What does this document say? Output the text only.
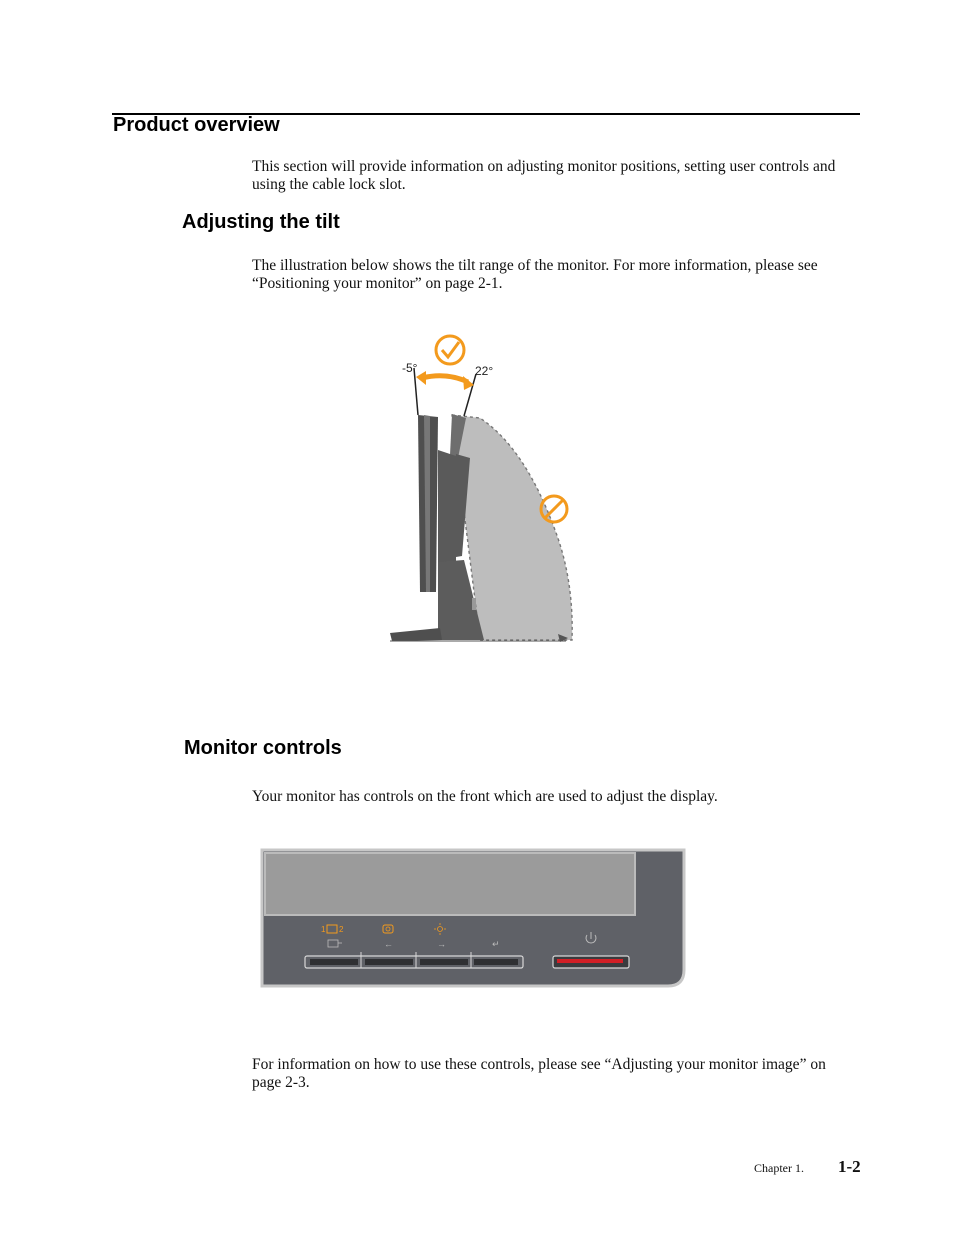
Product overview

This section will provide information on adjusting monitor positions, setting user controls and using the cable lock slot.

Adjusting the tilt

The illustration below shows the tilt range of the monitor. For more information, please see “Positioning your monitor” on page 2-1.

-5°	22°
Monitor controls

Your monitor has controls on the front which are used to adjust the display.

1 2
←	→	↵

For information on how to use these controls, please see “Adjusting your monitor image” on page 2-3.

Chapter 1. 1-2
